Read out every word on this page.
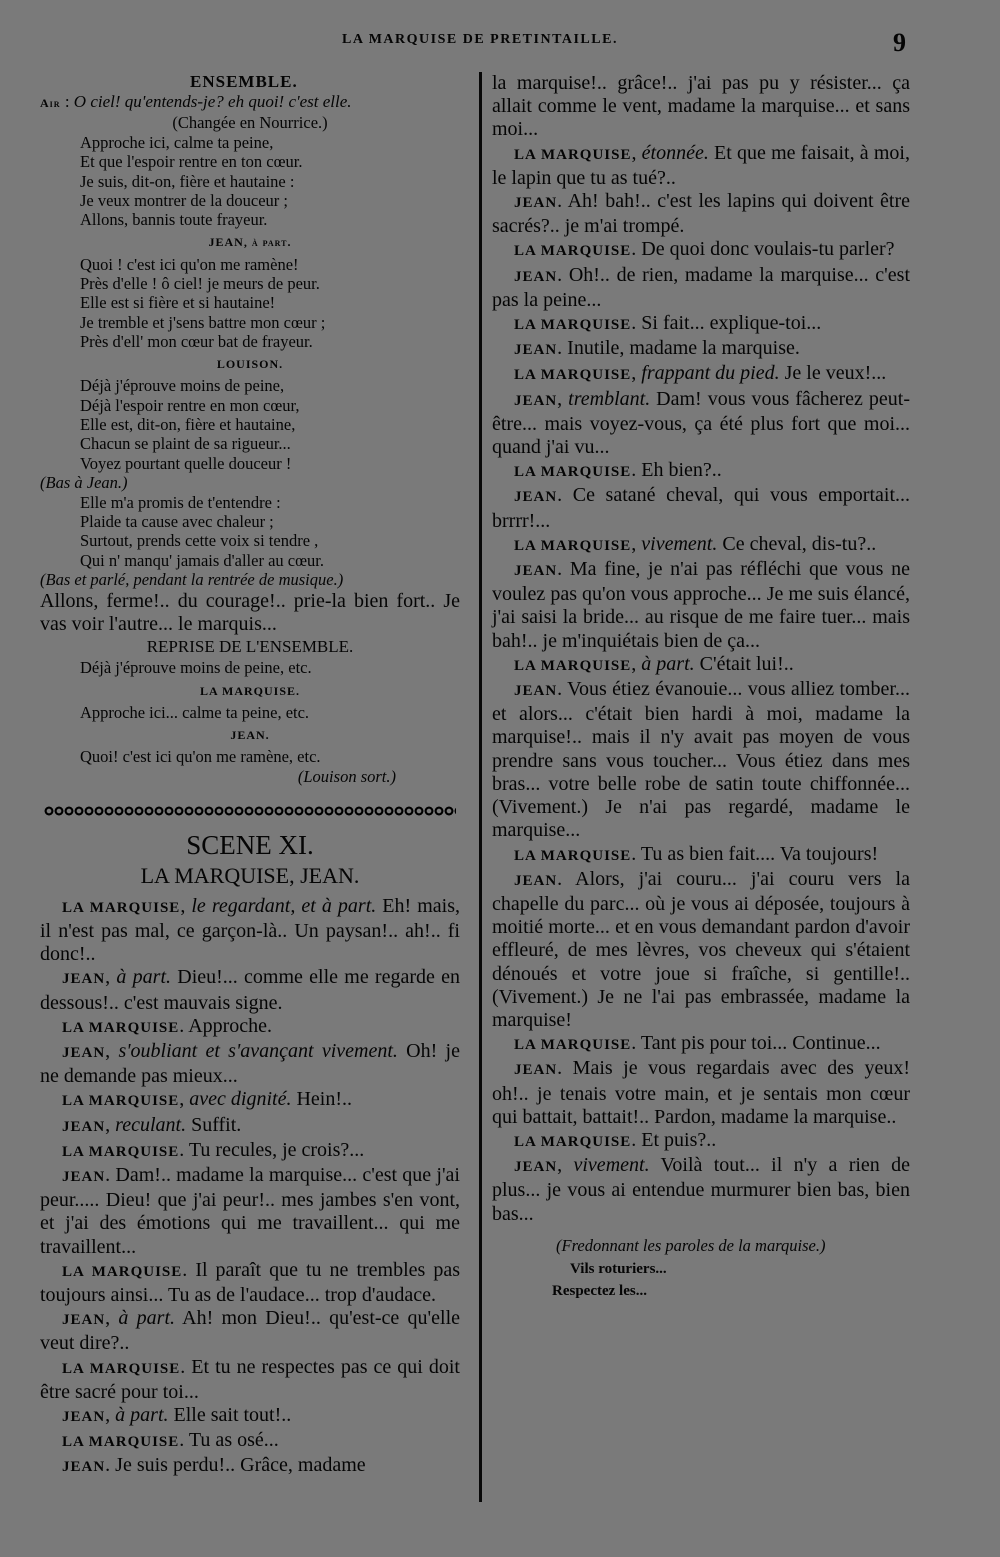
LA MARQUISE DE PRETINTAILLE.	9
ENSEMBLE.
Air : O ciel! qu'entends-je? eh quoi! c'est elle.
(Changée en Nourrice.)
Approche ici, calme ta peine,
Et que l'espoir rentre en ton cœur.
Je suis, dit-on, fière et hautaine :
Je veux montrer de la douceur ;
Allons, bannis toute frayeur.
JEAN, à part.
Quoi ! c'est ici qu'on me ramène!
Près d'elle ! ô ciel! je meurs de peur.
Elle est si fière et si hautaine!
Je tremble et j'sens battre mon cœur ;
Près d'ell' mon cœur bat de frayeur.
LOUISON.
Déjà j'éprouve moins de peine,
Déjà l'espoir rentre en mon cœur,
Elle est, dit-on, fière et hautaine,
Chacun se plaint de sa rigueur...
Voyez pourtant quelle douceur !
(Bas à Jean.)
Elle m'a promis de t'entendre :
Plaide ta cause avec chaleur ;
Surtout, prends cette voix si tendre ,
Qui n' manqu' jamais d'aller au cœur.
(Bas et parlé, pendant la rentrée de musique.)

Allons, ferme!.. du courage!.. prie-la bien fort.. Je vas voir l'autre... le marquis...

REPRISE DE L'ENSEMBLE.
Déjà j'éprouve moins de peine, etc.
LA MARQUISE.
Approche ici... calme ta peine, etc.
JEAN.
Quoi! c'est ici qu'on me ramène, etc.
(Louison sort.)
SCENE XI.
LA MARQUISE, JEAN.

LA MARQUISE, le regardant, et à part. Eh! mais, il n'est pas mal, ce garçon-là.. Un paysan!.. ah!.. fi donc!..

JEAN, à part. Dieu!... comme elle me regarde en dessous!.. c'est mauvais signe.

LA MARQUISE. Approche.

JEAN, s'oubliant et s'avançant vivement. Oh! je ne demande pas mieux...

LA MARQUISE, avec dignité. Hein!..

JEAN, reculant. Suffit.

LA MARQUISE. Tu recules, je crois?...

JEAN. Dam!.. madame la marquise... c'est que j'ai peur..... Dieu! que j'ai peur!.. mes jambes s'en vont, et j'ai des émotions qui me travaillent... qui me travaillent...

LA MARQUISE. Il paraît que tu ne trembles pas toujours ainsi... Tu as de l'audace... trop d'audace.

JEAN, à part. Ah! mon Dieu!.. qu'est-ce qu'elle veut dire?..

LA MARQUISE. Et tu ne respectes pas ce qui doit être sacré pour toi...

JEAN, à part. Elle sait tout!..

LA MARQUISE. Tu as osé...

JEAN. Je suis perdu!.. Grâce, madame

la marquise!.. grâce!.. j'ai pas pu y résister... ça allait comme le vent, madame la marquise... et sans moi...

LA MARQUISE, étonnée. Et que me faisait, à moi, le lapin que tu as tué?..

JEAN. Ah! bah!.. c'est les lapins qui doivent être sacrés?.. je m'ai trompé.

LA MARQUISE. De quoi donc voulais-tu parler?

JEAN. Oh!.. de rien, madame la marquise... c'est pas la peine...

LA MARQUISE. Si fait... explique-toi...

JEAN. Inutile, madame la marquise.

LA MARQUISE, frappant du pied. Je le veux!...

JEAN, tremblant. Dam! vous vous fâcherez peut-être... mais voyez-vous, ça été plus fort que moi... quand j'ai vu...

LA MARQUISE. Eh bien?..

JEAN. Ce satané cheval, qui vous emportait... brrrr!...

LA MARQUISE, vivement. Ce cheval, dis-tu?..

JEAN. Ma fine, je n'ai pas réfléchi que vous ne voulez pas qu'on vous approche... Je me suis élancé, j'ai saisi la bride... au risque de me faire tuer... mais bah!.. je m'inquiétais bien de ça...

LA MARQUISE, à part. C'était lui!..

JEAN. Vous étiez évanouie... vous alliez tomber... et alors... c'était bien hardi à moi, madame la marquise!.. mais il n'y avait pas moyen de vous prendre sans vous toucher... Vous étiez dans mes bras... votre belle robe de satin toute chiffonnée... (Vivement.) Je n'ai pas regardé, madame le marquise...

LA MARQUISE. Tu as bien fait.... Va toujours!

JEAN. Alors, j'ai couru... j'ai couru vers la chapelle du parc... où je vous ai déposée, toujours à moitié morte... et en vous demandant pardon d'avoir effleuré, de mes lèvres, vos cheveux qui s'étaient dénoués et votre joue si fraîche, si gentille!.. (Vivement.) Je ne l'ai pas embrassée, madame la marquise!

LA MARQUISE. Tant pis pour toi... Continue...

JEAN. Mais je vous regardais avec des yeux! oh!.. je tenais votre main, et je sentais mon cœur qui battait, battait!.. Pardon, madame la marquise..

LA MARQUISE. Et puis?..

JEAN, vivement. Voilà tout... il n'y a rien de plus... je vous ai entendue murmurer bien bas, bien bas...

(Fredonnant les paroles de la marquise.)
Vils roturiers...
Respectez les...
